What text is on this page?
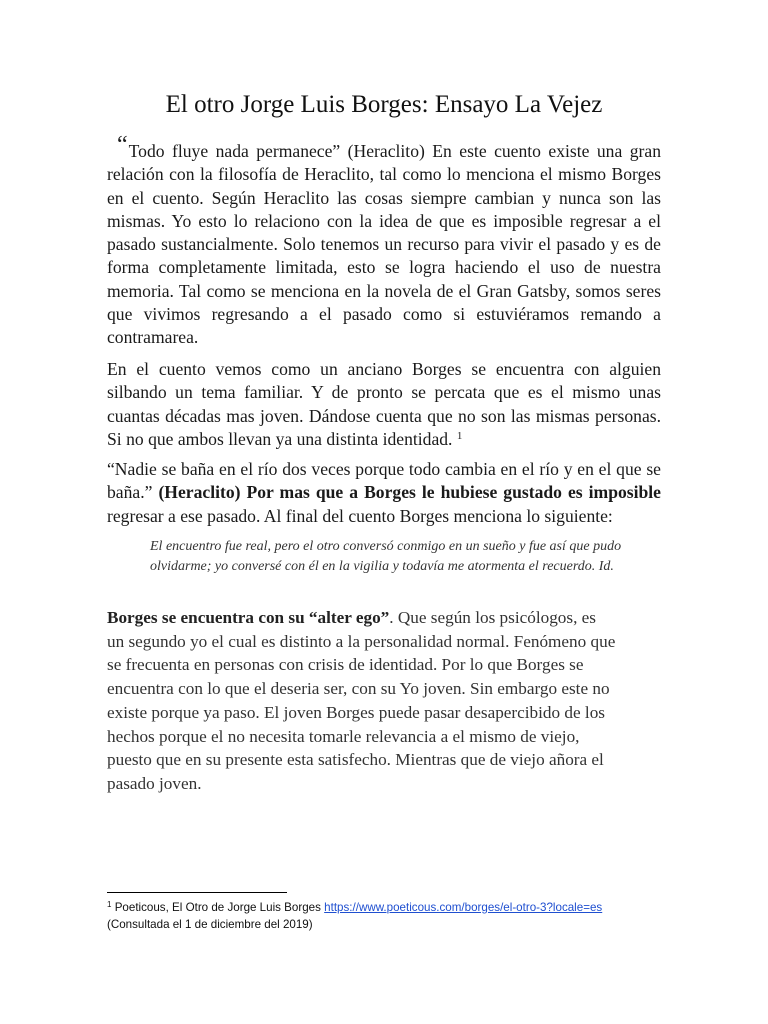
El otro Jorge Luis Borges: Ensayo La Vejez

“Todo fluye nada permanece” (Heraclito) En este cuento existe una gran relación con la filosofía de Heraclito, tal como lo menciona el mismo Borges en el cuento. Según Heraclito las cosas siempre cambian y nunca son las mismas. Yo esto lo relaciono con la idea de que es imposible regresar a el pasado sustancialmente. Solo tenemos un recurso para vivir el pasado y es de forma completamente limitada, esto se logra haciendo el uso de nuestra memoria. Tal como se menciona en la novela de el Gran Gatsby, somos seres que vivimos regresando a el pasado como si estuviéramos remando a contramarea.

En el cuento vemos como un anciano Borges se encuentra con alguien silbando un tema familiar. Y de pronto se percata que es el mismo unas cuantas décadas mas joven. Dándose cuenta que no son las mismas personas. Si no que ambos llevan ya una distinta identidad. $^1$

“Nadie se baña en el río dos veces porque todo cambia en el río y en el que se baña.” (Heraclito) Por mas que a Borges le hubiese gustado es imposible regresar a ese pasado. Al final del cuento Borges menciona lo siguiente:

El encuentro fue real, pero el otro conversó conmigo en un sueño y fue así que pudo olvidarme; yo conversé con él en la vigilia y todavía me atormenta el recuerdo. Id.

Borges se encuentra con su “alter ego”. Que según los psicólogos, es un segundo yo el cual es distinto a la personalidad normal. Fenómeno que se frecuenta en personas con crisis de identidad. Por lo que Borges se encuentra con lo que el deseria ser, con su Yo joven. Sin embargo este no existe porque ya paso. El joven Borges puede pasar desapercibido de los hechos porque el no necesita tomarle relevancia a el mismo de viejo, puesto que en su presente esta satisfecho. Mientras que de viejo añora el pasado joven.

$^1$ Poeticous, El Otro de Jorge Luis Borges https://www.poeticous.com/borges/el-otro-3?locale=es
(Consultada el 1 de diciembre del 2019)
